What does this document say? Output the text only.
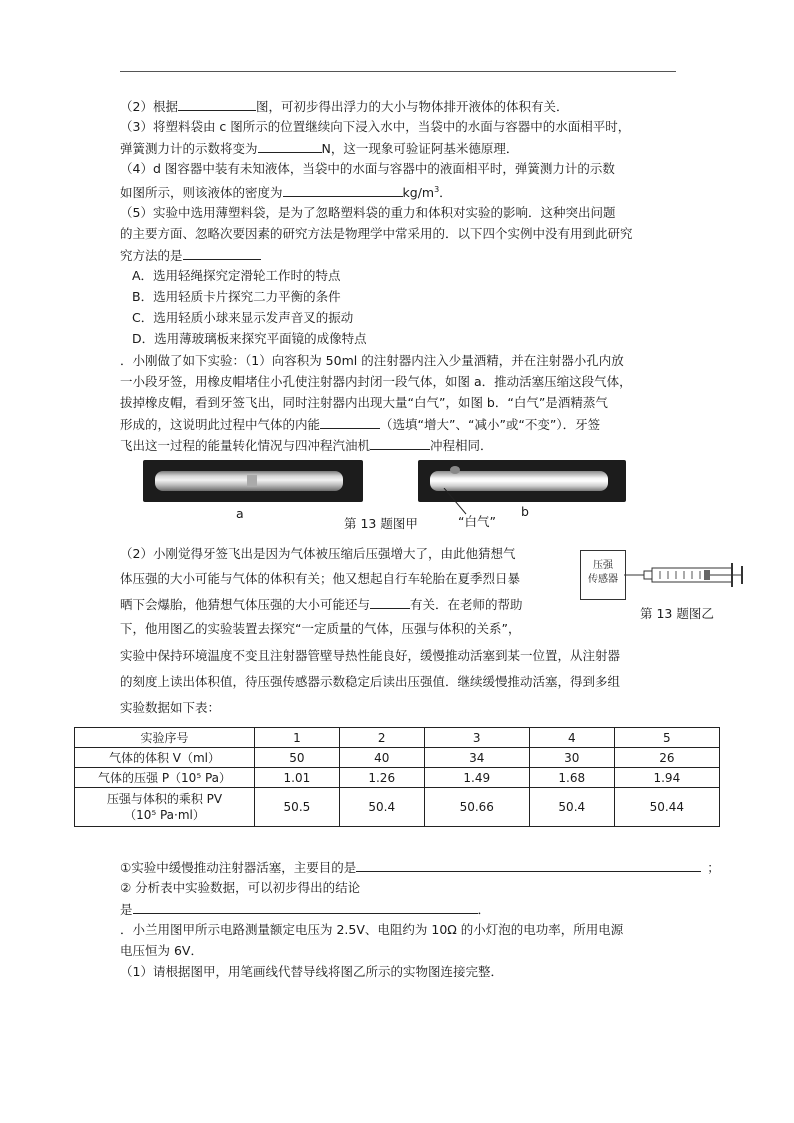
（2）根据	图，可初步得出浮力的大小与物体排开液体的体积有关．
（3）将塑料袋由 c 图所示的位置继续向下浸入水中，当袋中的水面与容器中的水面相平时，
弹簧测力计的示数将变为	N，这一现象可验证阿基米德原理．
（4）d 图容器中装有未知液体，当袋中的水面与容器中的液面相平时，弹簧测力计的示数
如图所示，则该液体的密度为	$kg/m^3$．
（5）实验中选用薄塑料袋，是为了忽略塑料袋的重力和体积对实验的影响．这种突出问题
的主要方面、忽略次要因素的研究方法是物理学中常采用的．以下四个实例中没有用到此研究
究方法的是
A．选用轻绳探究定滑轮工作时的特点
B．选用轻质卡片探究二力平衡的条件
C．选用轻质小球来显示发声音叉的振动
D．选用薄玻璃板来探究平面镜的成像特点
．小刚做了如下实验：（1）向容积为 50ml 的注射器内注入少量酒精，并在注射器小孔内放
一小段牙签，用橡皮帽堵住小孔使注射器内封闭一段气体，如图 a．推动活塞压缩这段气体，
拔掉橡皮帽，看到牙签飞出，同时注射器内出现大量“白气”，如图 b．“白气”是酒精蒸气
形成的，这说明此过程中气体的内能	（选填“增大”、“减小”或“不变”）．牙签
飞出这一过程的能量转化情况与四冲程汽油机	冲程相同．
a
第 13 题图甲	“白气”
b
（2）小刚觉得牙签飞出是因为气体被压缩后压强增大了，由此他猜想气
体压强的大小可能与气体的体积有关；他又想起自行车轮胎在夏季烈日暴
晒下会爆胎，他猜想气体压强的大小可能还与	有关．在老师的帮助
下，他用图乙的实验装置去探究“一定质量的气体，压强与体积的关系”，
实验中保持环境温度不变且注射器管壁导热性能良好，缓慢推动活塞到某一位置，从注射器
的刻度上读出体积值，待压强传感器示数稳定后读出压强值．继续缓慢推动活塞，得到多组
实验数据如下表：
压强
传感器
第 13 题图乙
实验序号	1	2	3	4	5
气体的体积 V（ml）	50	40	34	30	26
气体的压强 P（10⁵ Pa）	1.01	1.26	1.49	1.68	1.94

压强与体积的乘积 PV
（10⁵ Pa·ml）	50.5	50.4	50.66	50.4	50.44
①实验中缓慢推动注射器活塞，主要目的是	；
② 分析表中实验数据，可以初步得出的结论
是	．
．小兰用图甲所示电路测量额定电压为 2.5V、电阻约为 10Ω 的小灯泡的电功率，所用电源
电压恒为 6V．
（1）请根据图甲，用笔画线代替导线将图乙所示的实物图连接完整．
